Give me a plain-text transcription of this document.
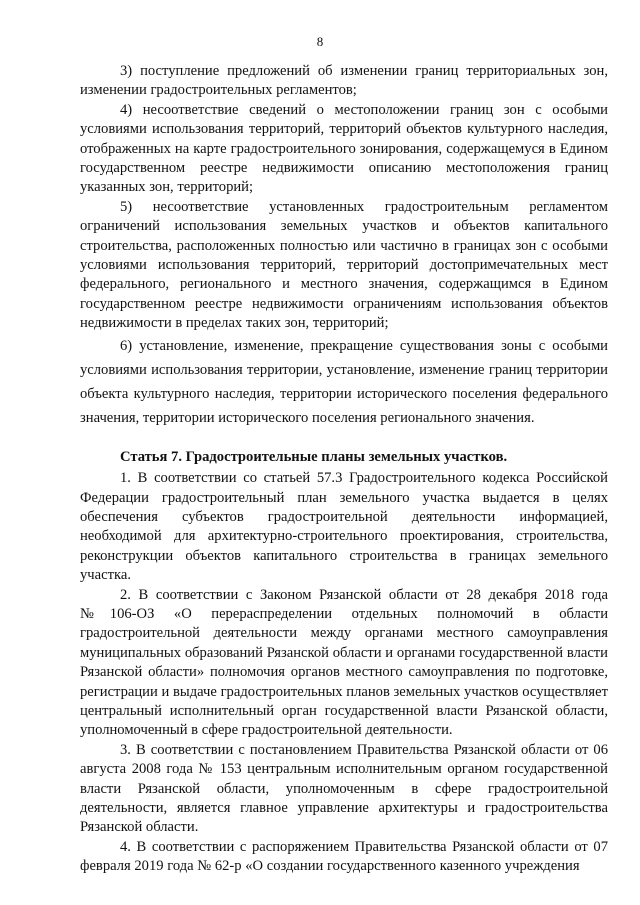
8

3) поступление предложений об изменении границ территориальных зон, изменении градостроительных регламентов;

4) несоответствие сведений о местоположении границ зон с особыми условиями использования территорий, территорий объектов культурного наследия, отображенных на карте градостроительного зонирования, содержащемуся в Едином государственном реестре недвижимости описанию местоположения границ указанных зон, территорий;

5) несоответствие установленных градостроительным регламентом ограничений использования земельных участков и объектов капитального строительства, расположенных полностью или частично в границах зон с особыми условиями использования территорий, территорий достопримечательных мест федерального, регионального и местного значения, содержащимся в Едином государственном реестре недвижимости ограничениям использования объектов недвижимости в пределах таких зон, территорий;

6) установление, изменение, прекращение существования зоны с особыми условиями использования территории, установление, изменение границ территории объекта культурного наследия, территории исторического поселения федерального значения, территории исторического поселения регионального значения.

Статья 7. Градостроительные планы земельных участков.

1. В соответствии со статьей 57.3 Градостроительного кодекса Российской Федерации градостроительный план земельного участка выдается в целях обеспечения субъектов градостроительной деятельности информацией, необходимой для архитектурно-строительного проектирования, строительства, реконструкции объектов капитального строительства в границах земельного участка.

2. В соответствии с Законом Рязанской области от 28 декабря 2018 года №106-ОЗ «О перераспределении отдельных полномочий в области градостроительной деятельности между органами местного самоуправления муниципальных образований Рязанской области и органами государственной власти Рязанской области» полномочия органов местного самоуправления по подготовке, регистрации и выдаче градостроительных планов земельных участков осуществляет центральный исполнительный орган государственной власти Рязанской области, уполномоченный в сфере градостроительной деятельности.

3. В соответствии с постановлением Правительства Рязанской области от 06 августа 2008 года № 153 центральным исполнительным органом государственной власти Рязанской области, уполномоченным в сфере градостроительной деятельности, является главное управление архитектуры и градостроительства Рязанской области.

4. В соответствии с распоряжением Правительства Рязанской области от 07 февраля 2019 года № 62-р «О создании государственного казенного учреждения
